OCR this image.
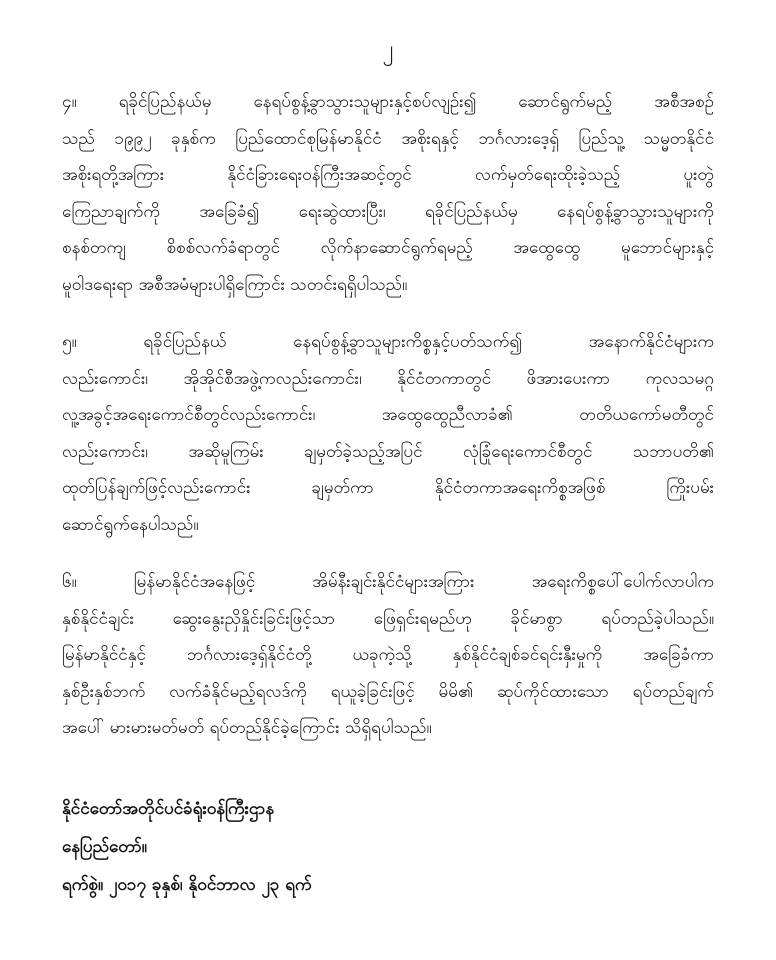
၂
၄။ ရခိုင်ပြည်နယ်မှ နေရပ်စွန့်ခွာသွားသူများနှင့်စပ်လျဉ်း၍ ဆောင်ရွက်မည့် အစီအစဉ်
သည် ၁၉၉၂ ခုနှစ်က ပြည်ထောင်စုမြန်မာနိုင်ငံ အစိုးရနှင့် ဘင်္ဂလားဒေ့ရှ် ပြည်သူ့ သမ္မတနိုင်ငံ
အစိုးရတို့အကြား နိုင်ငံခြားရေးဝန်ကြီးအဆင့်တွင် လက်မှတ်ရေးထိုးခဲ့သည့် ပူးတွဲ
ကြေညာချက်ကို အခြေခံ၍ ရေးဆွဲထားပြီး၊ ရခိုင်ပြည်နယ်မှ နေရပ်စွန့်ခွာသွားသူများကို
စနစ်တကျ စိစစ်လက်ခံရာတွင် လိုက်နာဆောင်ရွက်ရမည့် အထွေထွေ မူဘောင်များနှင့်
မူဝါဒရေးရာ အစီအမံများပါရှိကြောင်း သတင်းရရှိပါသည်။
၅။ ရခိုင်ပြည်နယ် နေရပ်စွန့်ခွာသူများကိစ္စနှင့်ပတ်သက်၍ အနောက်နိုင်ငံများက
လည်းကောင်း၊ အိုအိုင်စီအဖွဲ့ကလည်းကောင်း၊ နိုင်ငံတကာတွင် ဖိအားပေးကာ ကုလသမဂ္ဂ
လူ့အခွင့်အရေးကောင်စီတွင်လည်းကောင်း၊ အထွေထွေညီလာခံ၏ တတိယကော်မတီတွင်
လည်းကောင်း၊ အဆိုမူကြမ်း ချမှတ်ခဲ့သည့်အပြင် လုံခြုံရေးကောင်စီတွင် သဘာပတိ၏
ထုတ်ပြန်ချက်ဖြင့်လည်းကောင်း ချမှတ်ကာ နိုင်ငံတကာအရေးကိစ္စအဖြစ် ကြိုးပမ်း
ဆောင်ရွက်နေပါသည်။
၆။ မြန်မာနိုင်ငံအနေဖြင့် အိမ်နီးချင်းနိုင်ငံများအကြား အရေးကိစ္စပေါ်ပေါက်လာပါက
နှစ်နိုင်ငံချင်း ဆွေးနွေးညှိနှိုင်းခြင်းဖြင့်သာ ဖြေရှင်းရမည်ဟု ခိုင်မာစွာ ရပ်တည်ခဲ့ပါသည်။
မြန်မာနိုင်ငံနှင့် ဘင်္ဂလားဒေ့ရှ်နိုင်ငံတို့ ယခုကဲ့သို့ နှစ်နိုင်ငံချစ်ခင်ရင်းနှီးမှုကို အခြေခံကာ
နှစ်ဦးနှစ်ဘက် လက်ခံနိုင်မည့်ရလဒ်ကို ရယူခဲ့ခြင်းဖြင့် မိမိ၏ ဆုပ်ကိုင်ထားသော ရပ်တည်ချက်
အပေါ် မားမားမတ်မတ် ရပ်တည်နိုင်ခဲ့ကြောင်း သိရှိရပါသည်။
နိုင်ငံတော်အတိုင်ပင်ခံရုံးဝန်ကြီးဌာန
နေပြည်တော်။
ရက်စွဲ။ ၂၀၁၇ ခုနှစ်၊ နိုဝင်ဘာလ ၂၃ ရက်
